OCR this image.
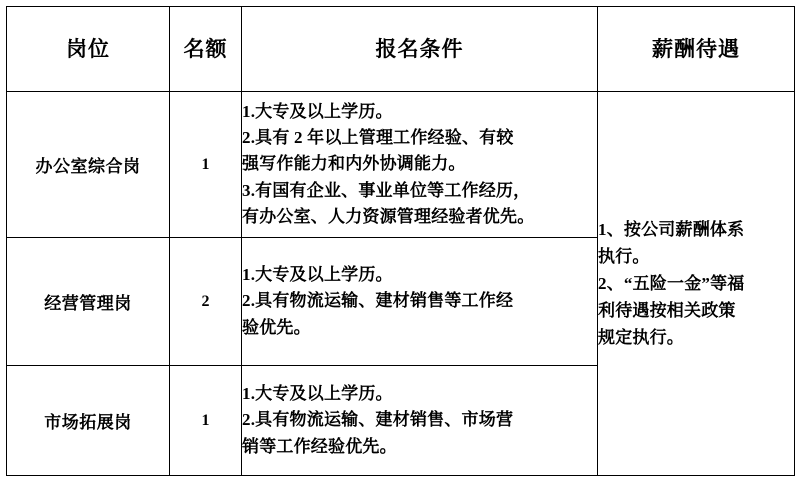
岗位	名额	报名条件	薪酬待遇
办公室综合岗	1	1.大专及以上学历。
2.具有 2 年以上管理工作经验、有较
强写作能力和内外协调能力。
3.有国有企业、事业单位等工作经历，
有办公室、人力资源管理经验者优先。	1、按公司薪酬体系
执行。
2、“五险一金”等福
利待遇按相关政策
规定执行。

经营管理岗	2	1.大专及以上学历。
2.具有物流运输、建材销售等工作经
验优先。	

市场拓展岗	1	1.大专及以上学历。
2.具有物流运输、建材销售、市场营
销等工作经验优先。	
